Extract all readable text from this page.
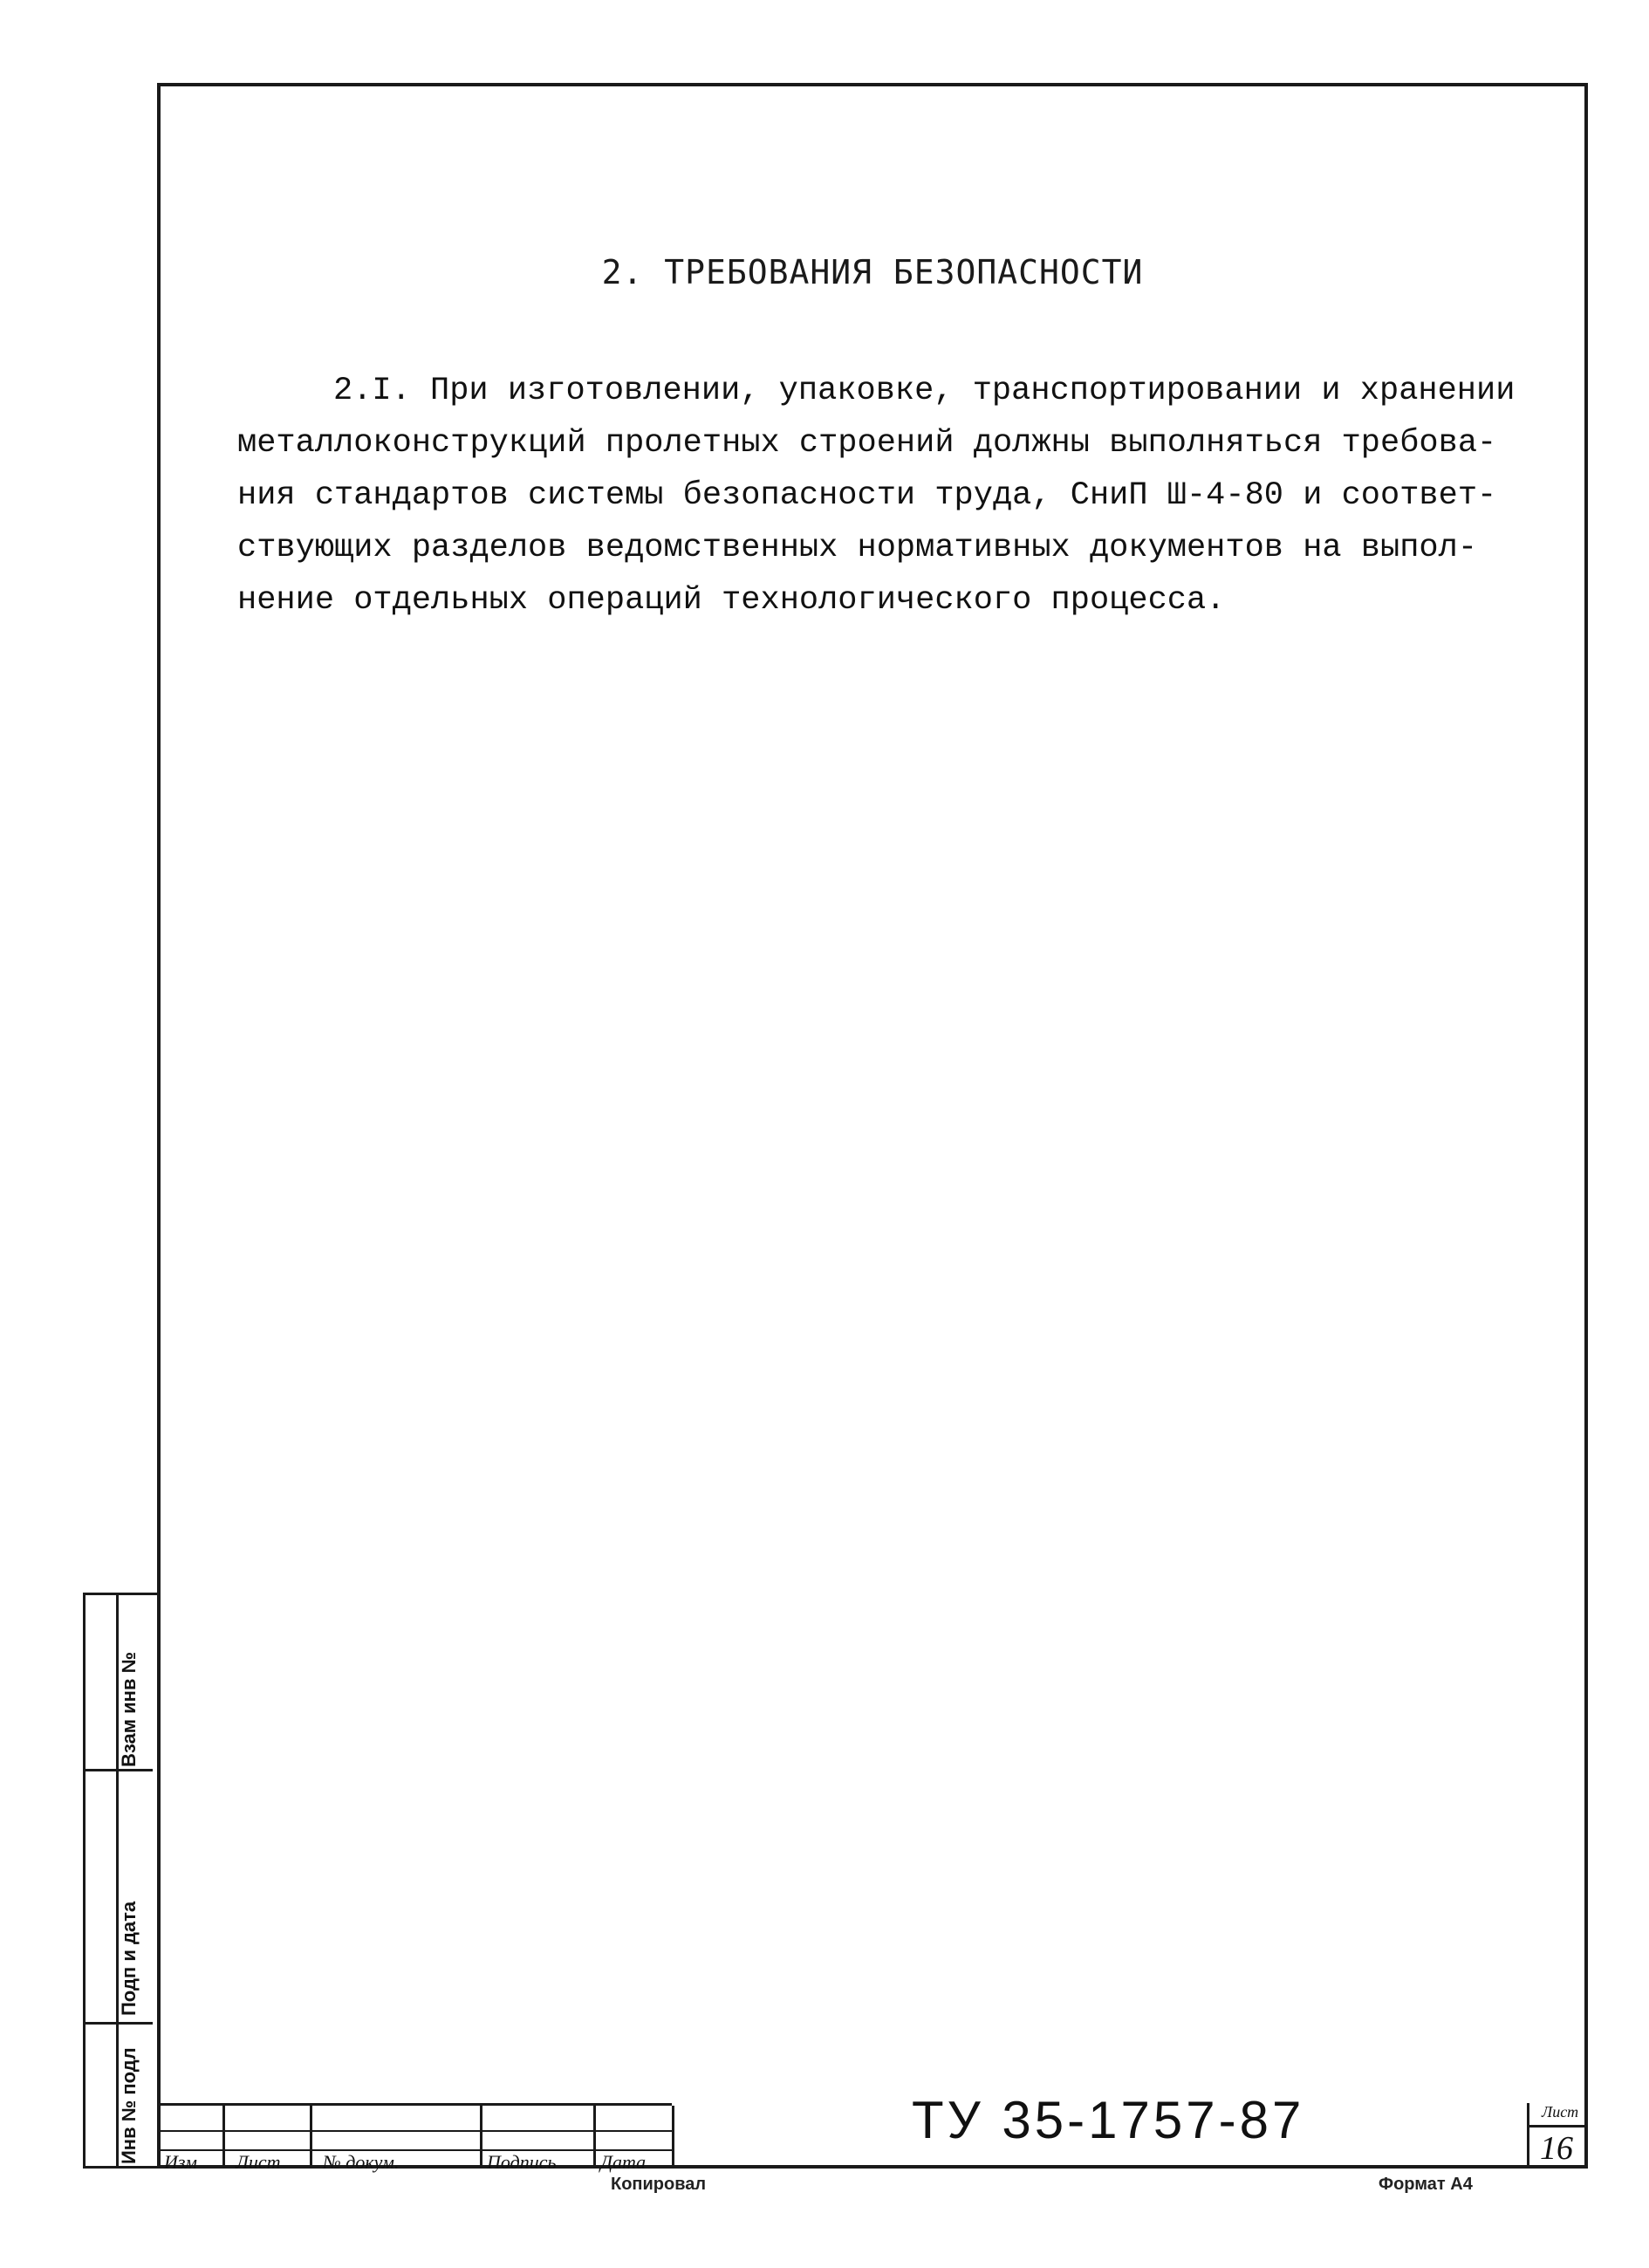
2. ТРЕБОВАНИЯ БЕЗОПАСНОСТИ
2.I. При изготовлении, упаковке, транспортировании и хранении
металлоконструкций пролетных строений должны выполняться требова-
ния стандартов системы безопасности труда, СниП Ш-4-80 и соответ-
ствующих разделов ведомственных нормативных документов на выпол-
нение отдельных операций технологического процесса.
Взам инв №
Подп и дата
Инв № подл Изм Лист № докум.	Подпись Дата
ТУ 35-1757-87	Лист
16
Копировал	Формат А4
